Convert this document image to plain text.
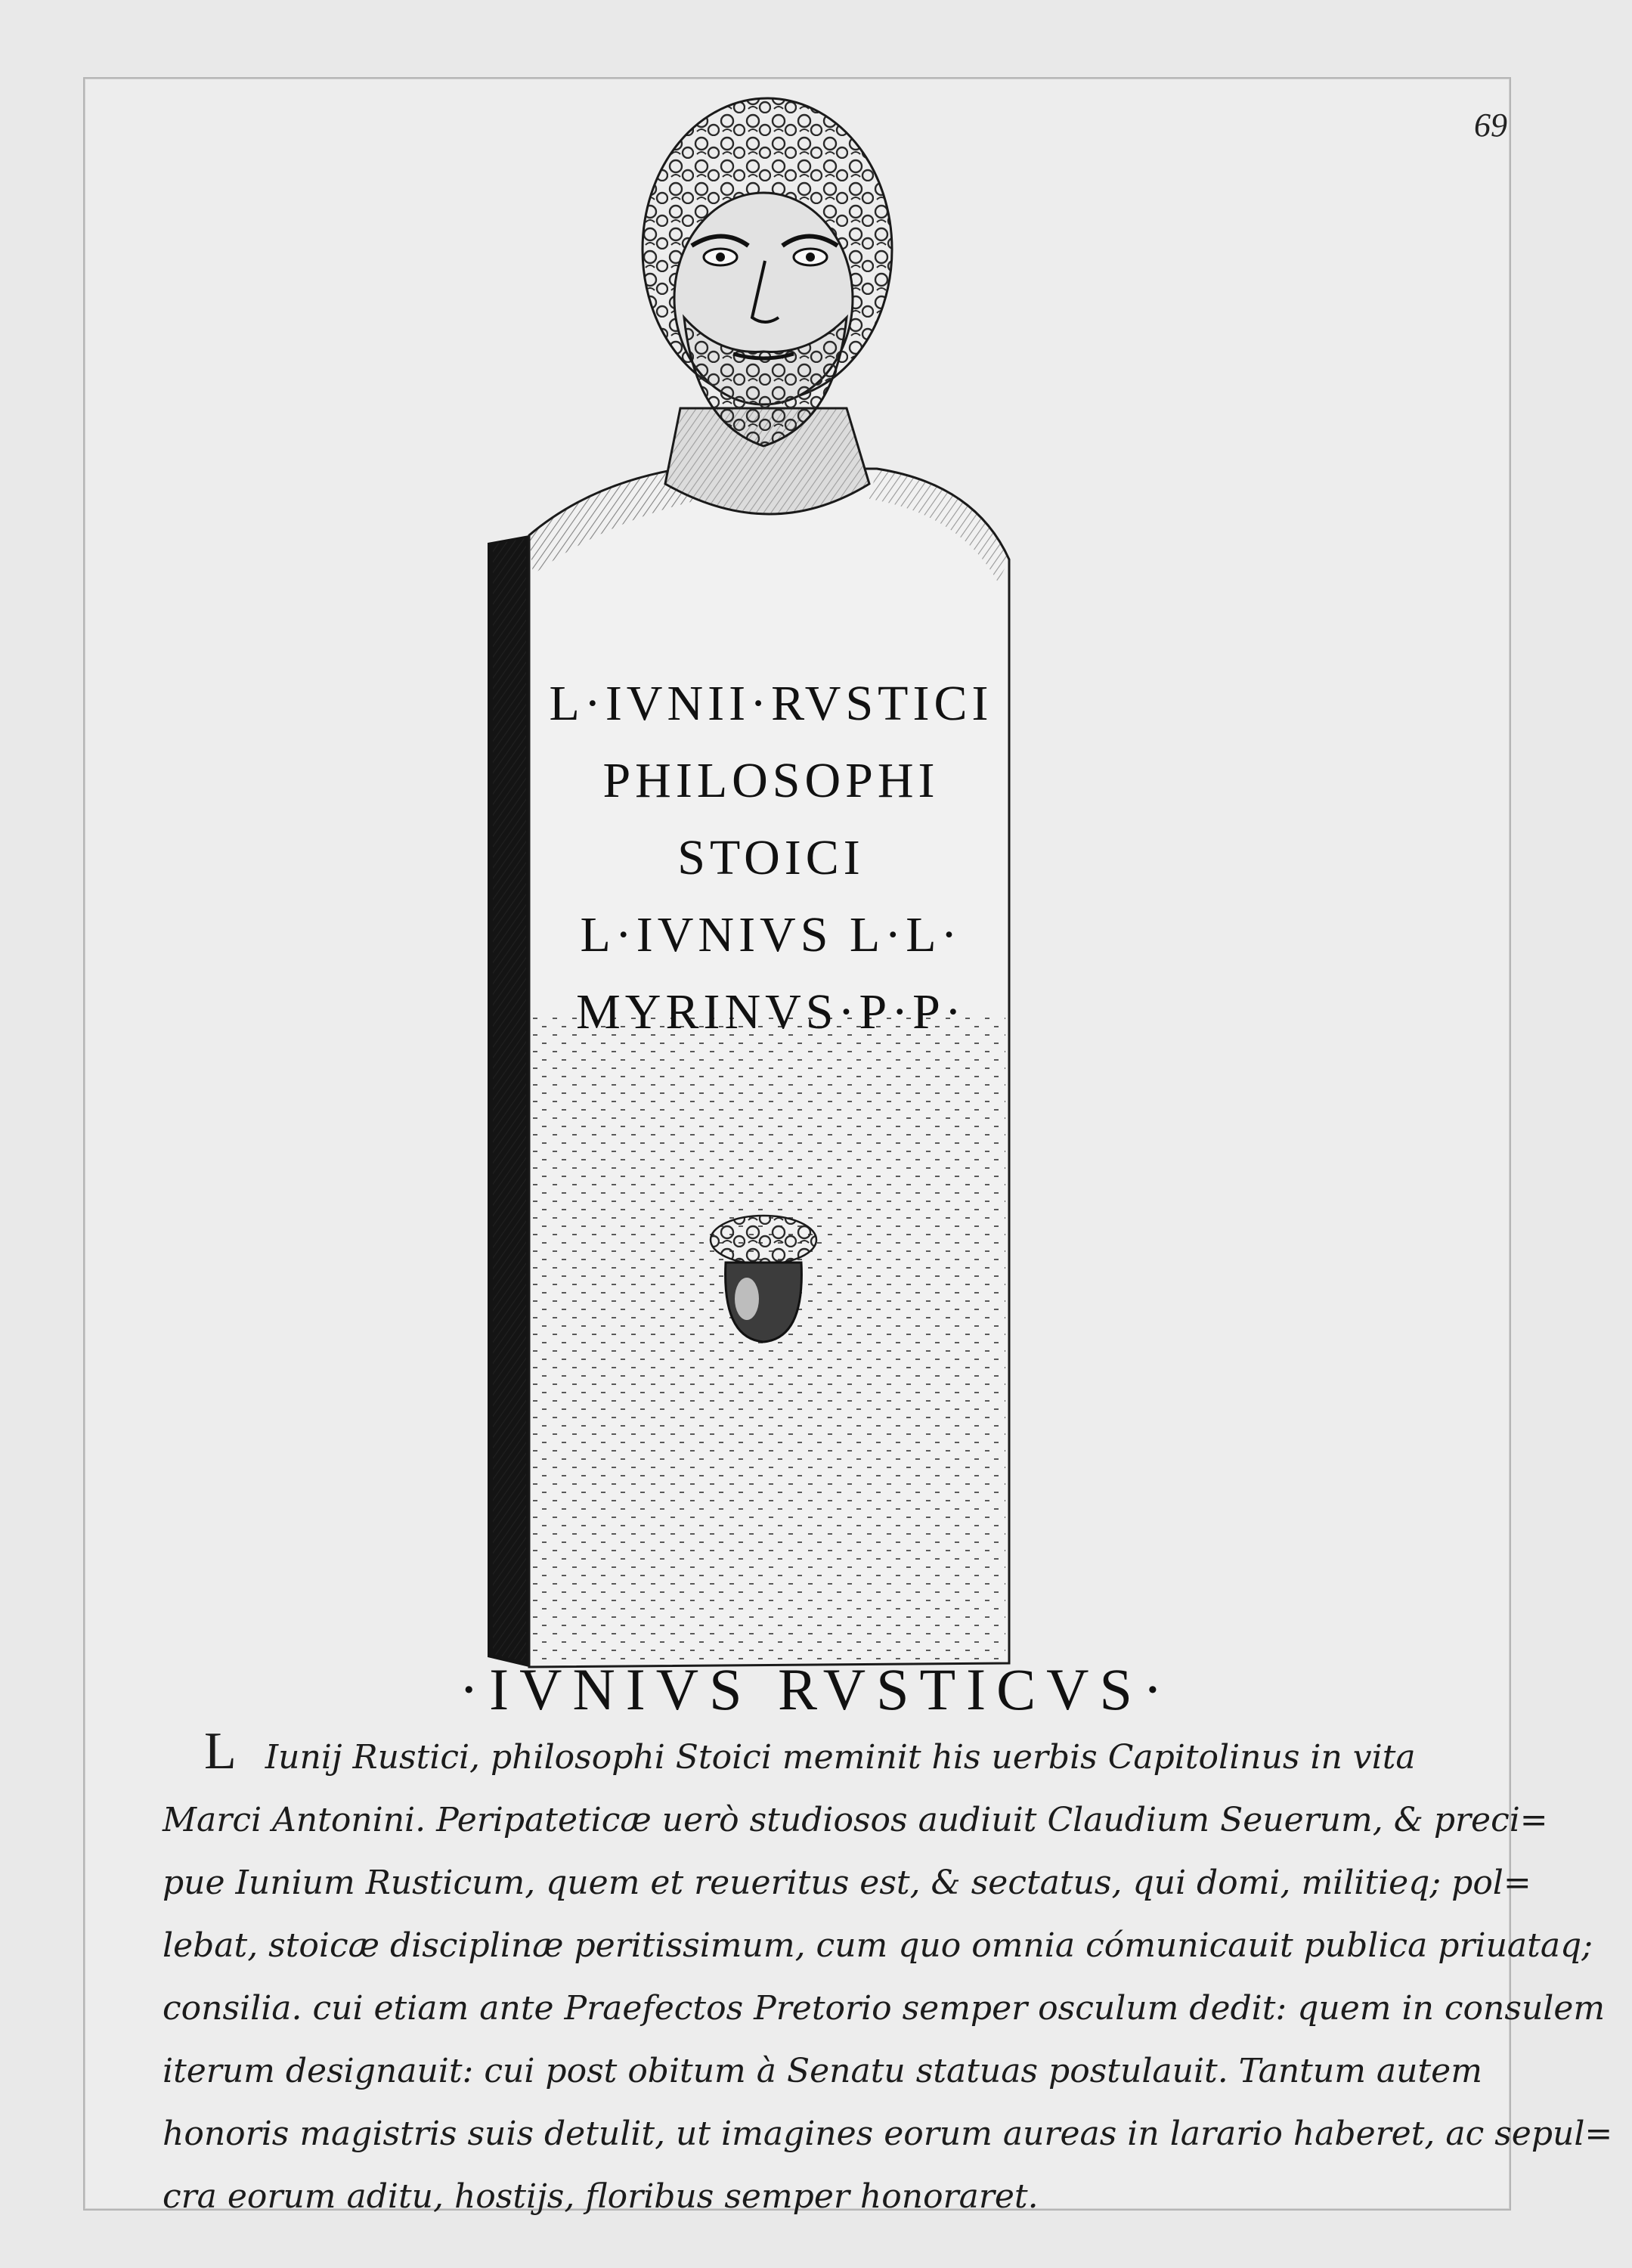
69
L·IVNII·RVSTICI
PHILOSOPHI
STOICI
L·IVNIVS L·L·
MYRINVS·P·P·
·IVNIVS RVSTICVS·
L Iunij Rustici, philosophi Stoici meminit his uerbis Capitolinus in vita
Marci Antonini. Peripateticæ uerò studiosos audiuit Claudium Seuerum, & preci=
pue Iunium Rusticum, quem et reueritus est, & sectatus, qui domi, militieq; pol=
lebat, stoicæ disciplinæ peritissimum, cum quo omnia cómunicauit publica priuataq;
consilia. cui etiam ante Praefectos Pretorio semper osculum dedit: quem in consulem
iterum designauit: cui post obitum à Senatu statuas postulauit. Tantum autem
honoris magistris suis detulit, ut imagines eorum aureas in larario haberet, ac sepul=
cra eorum aditu, hostijs, floribus semper honoraret.
